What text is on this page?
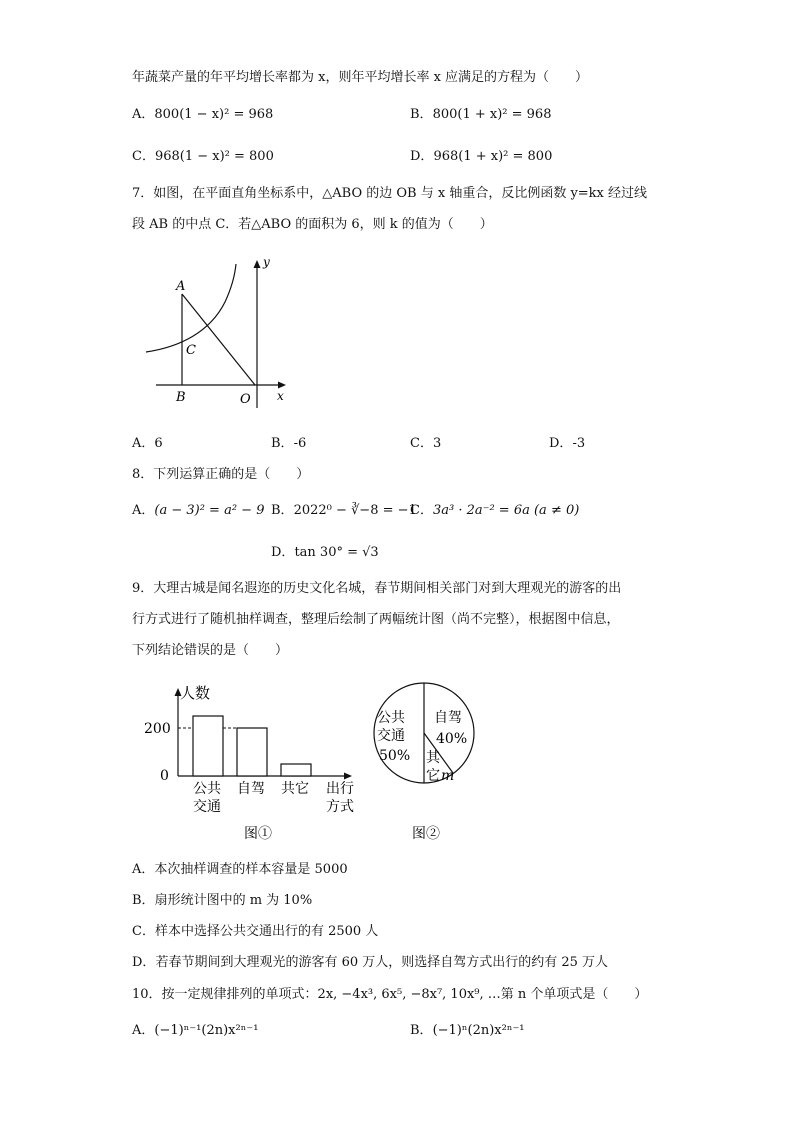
年蔬菜产量的年平均增长率都为 x，则年平均增长率 x 应满足的方程为（　　）
A．800(1 − x)² = 968	B．800(1 + x)² = 968
C．968(1 − x)² = 800	D．968(1 + x)² = 800
7．如图，在平面直角坐标系中，△ABO 的边 OB 与 x 轴重合，反比例函数 y=kx 经过线
段 AB 的中点 C．若△ABO 的面积为 6，则 k 的值为（　　）
A
C
B	O x
y
A．6	B．-6	C．3	D．-3
8．下列运算正确的是（　　）
A．(a − 3)² = a² − 9 B．2022⁰ − ∛−8 = −1
C．3a³ · 2a⁻² = 6a (a ≠ 0)
D．tan 30° = √3
9．大理古城是闻名遐迩的历史文化名城，春节期间相关部门对到大理观光的游客的出
行方式进行了随机抽样调查，整理后绘制了两幅统计图（尚不完整），根据图中信息，
下列结论错误的是（　　）
人数
200
0
公共
交通
自驾 共它 出行
方式
图①
公共
交通
50%
自驾
40%
其
它 m
图②
A．本次抽样调查的样本容量是 5000
B．扇形统计图中的 m 为 10%
C．样本中选择公共交通出行的有 2500 人
D．若春节期间到大理观光的游客有 60 万人，则选择自驾方式出行的约有 25 万人
10．按一定规律排列的单项式：2x, −4x³, 6x⁵, −8x⁷, 10x⁹, …第 n 个单项式是（　　）
A．(−1)ⁿ⁻¹(2n)x²ⁿ⁻¹	B．(−1)ⁿ(2n)x²ⁿ⁻¹
